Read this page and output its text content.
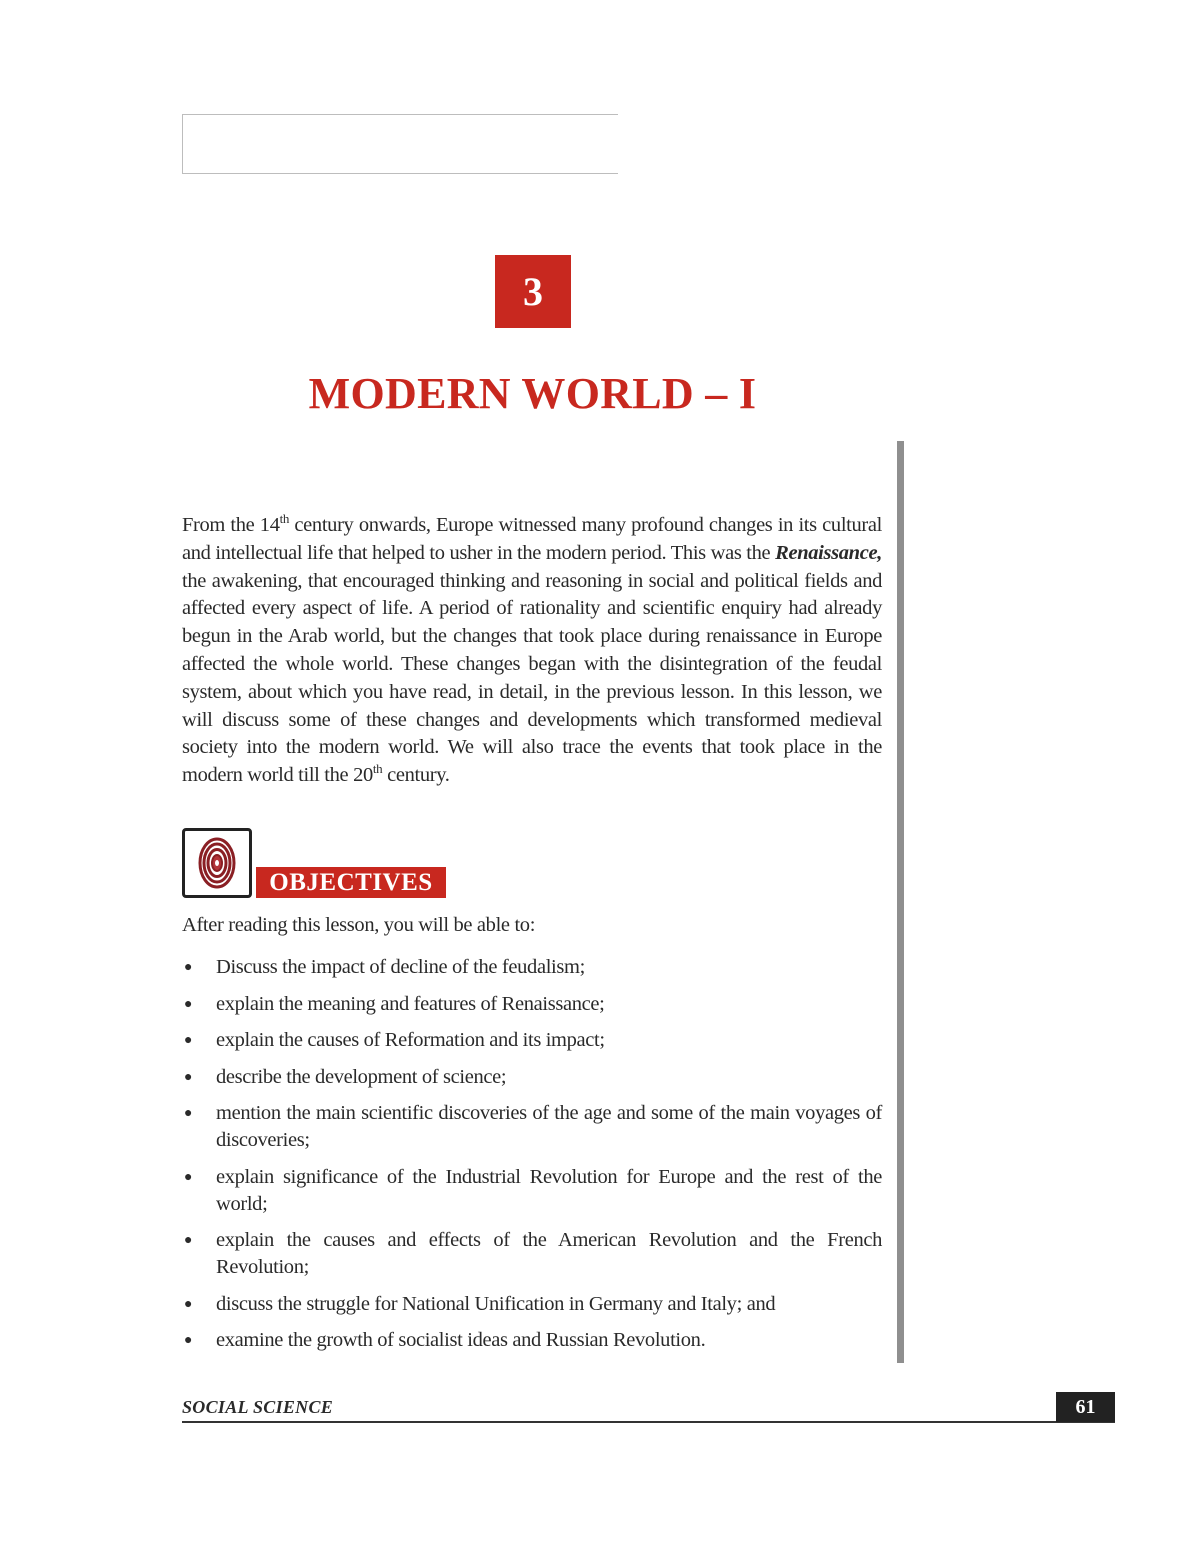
3
MODERN WORLD – I

From the 14th century onwards, Europe witnessed many profound changes in its cultural and intellectual life that helped to usher in the modern period. This was the Renaissance, the awakening, that encouraged thinking and reasoning in social and political fields and affected every aspect of life. A period of rationality and scientific enquiry had already begun in the Arab world, but the changes that took place during renaissance in Europe affected the whole world. These changes began with the disintegration of the feudal system, about which you have read, in detail, in the previous lesson. In this lesson, we will discuss some of these changes and developments which transformed medieval society into the modern world. We will also trace the events that took place in the modern world till the 20th century.

OBJECTIVES

After reading this lesson, you will be able to:

● Discuss the impact of decline of the feudalism;
● explain the meaning and features of Renaissance;
● explain the causes of Reformation and its impact;
● describe the development of science;
● mention the main scientific discoveries of the age and some of the main voyages of discoveries;
● explain significance of the Industrial Revolution for Europe and the rest of the world;
● explain the causes and effects of the American Revolution and the French Revolution;
● discuss the struggle for National Unification in Germany and Italy; and
● examine the growth of socialist ideas and Russian Revolution.
SOCIAL SCIENCE	61
